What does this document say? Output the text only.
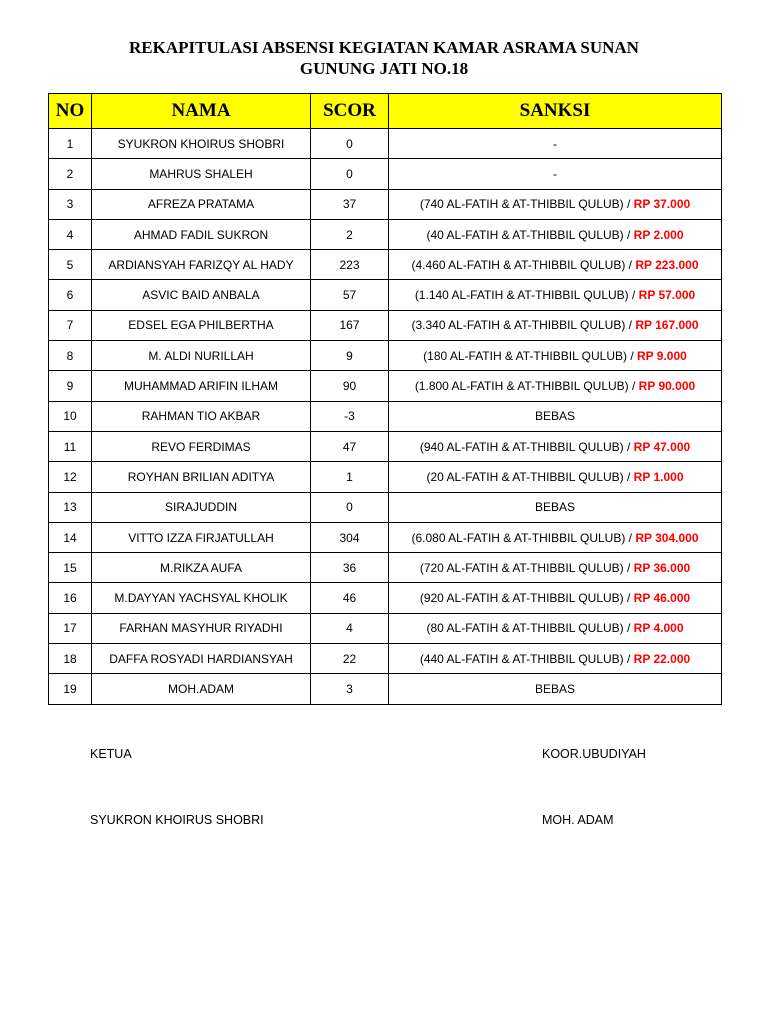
REKAPITULASI ABSENSI KEGIATAN KAMAR ASRAMA SUNAN
GUNUNG JATI NO.18
NO	NAMA	SCOR	SANKSI
1	SYUKRON KHOIRUS SHOBRI	0	-
2	MAHRUS SHALEH	0	-
3	AFREZA PRATAMA	37	(740 AL-FATIH & AT-THIBBIL QULUB) / RP 37.000
4	AHMAD FADIL SUKRON	2	(40 AL-FATIH & AT-THIBBIL QULUB) / RP 2.000
5	ARDIANSYAH FARIZQY AL HADY	223	(4.460 AL-FATIH & AT-THIBBIL QULUB) / RP 223.000
6	ASVIC BAID ANBALA	57	(1.140 AL-FATIH & AT-THIBBIL QULUB) / RP 57.000
7	EDSEL EGA PHILBERTHA	167	(3.340 AL-FATIH & AT-THIBBIL QULUB) / RP 167.000
8	M. ALDI NURILLAH	9	(180 AL-FATIH & AT-THIBBIL QULUB) / RP 9.000
9	MUHAMMAD ARIFIN ILHAM	90	(1.800 AL-FATIH & AT-THIBBIL QULUB) / RP 90.000
10	RAHMAN TIO AKBAR	-3	BEBAS
11	REVO FERDIMAS	47	(940 AL-FATIH & AT-THIBBIL QULUB) / RP 47.000
12	ROYHAN BRILIAN ADITYA	1	(20 AL-FATIH & AT-THIBBIL QULUB) / RP 1.000
13	SIRAJUDDIN	0	BEBAS
14	VITTO IZZA FIRJATULLAH	304	(6.080 AL-FATIH & AT-THIBBIL QULUB) / RP 304.000
15	M.RIKZA AUFA	36	(720 AL-FATIH & AT-THIBBIL QULUB) / RP 36.000
16	M.DAYYAN YACHSYAL KHOLIK	46	(920 AL-FATIH & AT-THIBBIL QULUB) / RP 46.000
17	FARHAN MASYHUR RIYADHI	4	(80 AL-FATIH & AT-THIBBIL QULUB) / RP 4.000
18	DAFFA ROSYADI HARDIANSYAH	22	(440 AL-FATIH & AT-THIBBIL QULUB) / RP 22.000
19	MOH.ADAM	3	BEBAS
KETUA
SYUKRON KHOIRUS SHOBRI
KOOR.UBUDIYAH
MOH. ADAM
